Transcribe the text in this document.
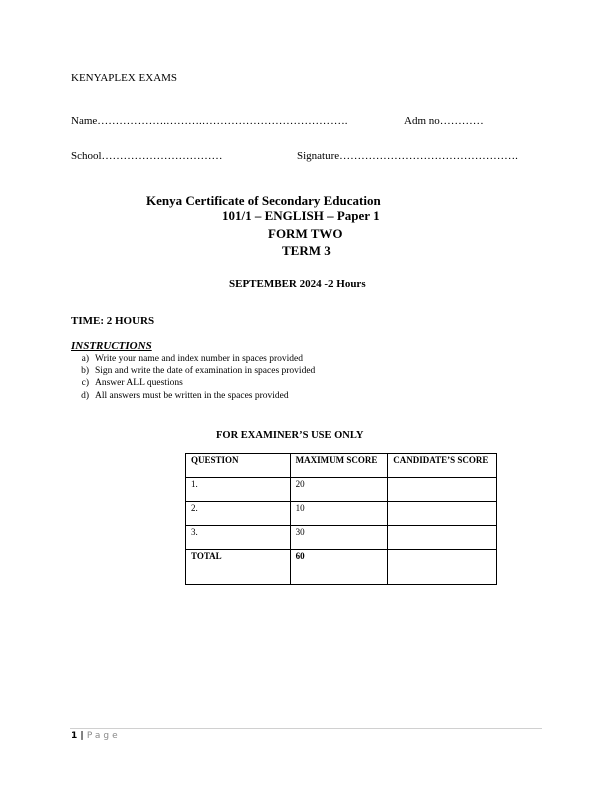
KENYAPLEX EXAMS
Name……………….……….………………………………….	Adm no…………
School……………………………	Signature………………………………………….
Kenya Certificate of Secondary Education
101/1 – ENGLISH – Paper 1
FORM TWO
TERM 3
SEPTEMBER 2024 -2 Hours
TIME: 2 HOURS
INSTRUCTIONS
a) Write your name and index number in spaces provided
b) Sign and write the date of examination in spaces provided
c) Answer ALL questions
d) All answers must be written in the spaces provided
FOR EXAMINER’S USE ONLY
QUESTION	MAXIMUM SCORE	CANDIDATE’S SCORE
1.	20	
2.	10	
3.	30	
TOTAL	60	
1 | Page
